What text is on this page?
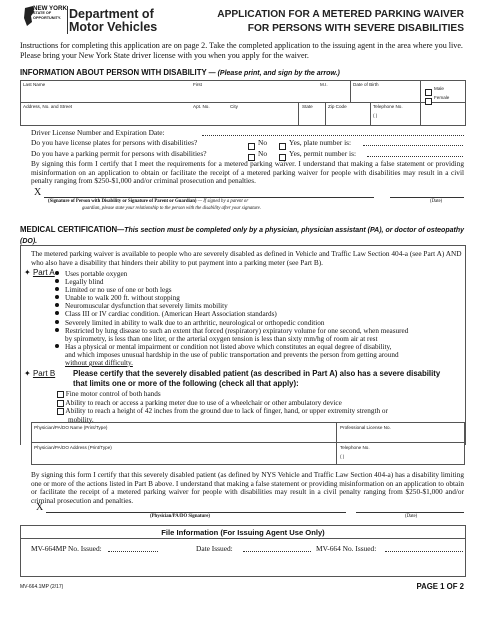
NEW YORK
STATE OF
OPPORTUNITY. Department of
Motor Vehicles
APPLICATION FOR A METERED PARKING WAIVER
FOR PERSONS WITH SEVERE DISABILITIES
Instructions for completing this application are on page 2. Take the completed application to the issuing agent in the area where you live. Please bring your New York State driver license with you when you apply for the waiver.
INFORMATION ABOUT PERSON WITH DISABILITY — (Please print, and sign by the arrow.)
Last Name	First	M.I.	Date of Birth
Male
Female
Address, No. and Street	Apt. No.	City	State	Zip Code	Telephone No.
( )
Driver License Number and Expiration Date:
Do you have license plates for persons with disabilities?	No	Yes, plate number is:
Do you have a parking permit for persons with disabilities?	No	Yes, permit number is:
By signing this form I certify that I meet the requirements for a metered parking waiver. I understand that making a false statement or providing misinformation on an application to obtain or facilitate the receipt of a metered parking waiver for people with disabilities may result in a civil penalty ranging from $250-$1,000 and/or criminal prosecution and penalties.
X
(Signature of Person with Disability or Signature of Parent or Guardian) — If signed by a parent or
guardian, please state your relationship to the person with the disability after your signature.
(Date)
MEDICAL CERTIFICATION—This section must be completed only by a physician, physician assistant (PA), or doctor of osteopathy (DO).
The metered parking waiver is available to people who are severely disabled as defined in Vehicle and Traffic Law Section 404-a (see Part A) AND who also have a disability that hinders their ability to put payment into a parking meter (see Part B).
✦ Part A	Uses portable oxygen
Legally blind
Limited or no use of one or both legs
Unable to walk 200 ft. without stopping
Neuromuscular dysfunction that severely limits mobility
Class III or IV cardiac condition. (American Heart Association standards)
Severely limited in ability to walk due to an arthritic, neurological or orthopedic condition
Restricted by lung disease to such an extent that forced (respiratory) expiratory volume for one second, when measured
by spirometry, is less than one liter, or the arterial oxygen tension is less than sixty mm/hg of room air at rest
Has a physical or mental impairment or condition not listed above which constitutes an equal degree of disability,
and which imposes unusual hardship in the use of public transportation and prevents the person from getting around
without great difficulty.
✦ Part B Please certify that the severely disabled patient (as described in Part A) also has a severe disability
that limits one or more of the following (check all that apply):
Fine motor control of both hands
Ability to reach or access a parking meter due to use of a wheelchair or other ambulatory device
Ability to reach a height of 42 inches from the ground due to lack of finger, hand, or upper extremity strength or
mobility.
Physician/PA/DO Name (Print/Type)	Professional License No.
Physician/PA/DO Address (Print/Type)	Telephone No.
( )
By signing this form I certify that this severely disabled patient (as defined by NYS Vehicle and Traffic Law Section 404-a) has a disability limiting one or more of the actions listed in Part B above. I understand that making a false statement or providing misinformation on an application to obtain or facilitate the receipt of a metered parking waiver for people with disabilities may result in a civil penalty ranging from $250-$1,000 and/or criminal prosecution and penalties.
X
(Physician/PA/DO Signature)	(Date)
File Information (For Issuing Agent Use Only)
MV-664MP No. Issued:	Date Issued:	MV-664 No. Issued:
MV-664.1MP (2/17)	PAGE 1 OF 2
